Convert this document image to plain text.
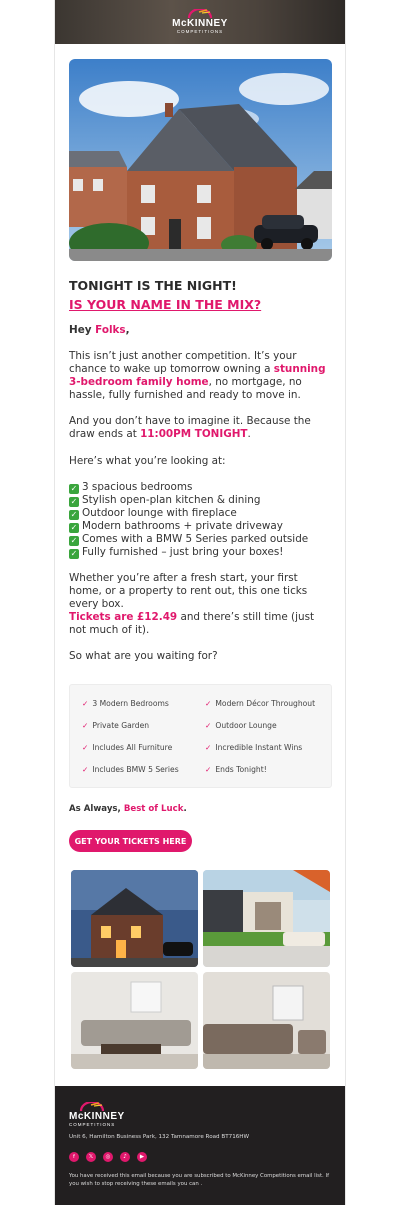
McKINNEY
COMPETITIONS
TONIGHT IS THE NIGHT!
IS YOUR NAME IN THE MIX?
Hey Folks,
This isn’t just another competition. It’s your chance to wake up tomorrow owning a stunning 3-bedroom family home, no mortgage, no hassle, fully furnished and ready to move in.
And you don’t have to imagine it. Because the draw ends at 11:00PM TONIGHT.
Here’s what you’re looking at:
✓ 3 spacious bedrooms
✓ Stylish open-plan kitchen & dining
✓ Outdoor lounge with fireplace
✓ Modern bathrooms + private driveway
✓ Comes with a BMW 5 Series parked outside
✓ Fully furnished – just bring your boxes!
Whether you’re after a fresh start, your first home, or a property to rent out, this one ticks every box.
Tickets are £12.49 and there’s still time (just not much of it).
So what are you waiting for?
✓ 3 Modern Bedrooms
✓ Private Garden
✓ Includes All Furniture
✓ Includes BMW 5 Series
✓ Modern Décor Throughout
✓ Outdoor Lounge
✓ Incredible Instant Wins
✓ Ends Tonight!
As Always, Best of Luck.
GET YOUR TICKETS HERE
McKINNEY
COMPETITIONS
Unit 6, Hamilton Business Park, 132 Tamnamore Road BT716HW
f	𝕏	◎	♪	▶
You have received this email because you are subscribed to McKinney Competitions email list. If you wish to stop receiving these emails you can .
